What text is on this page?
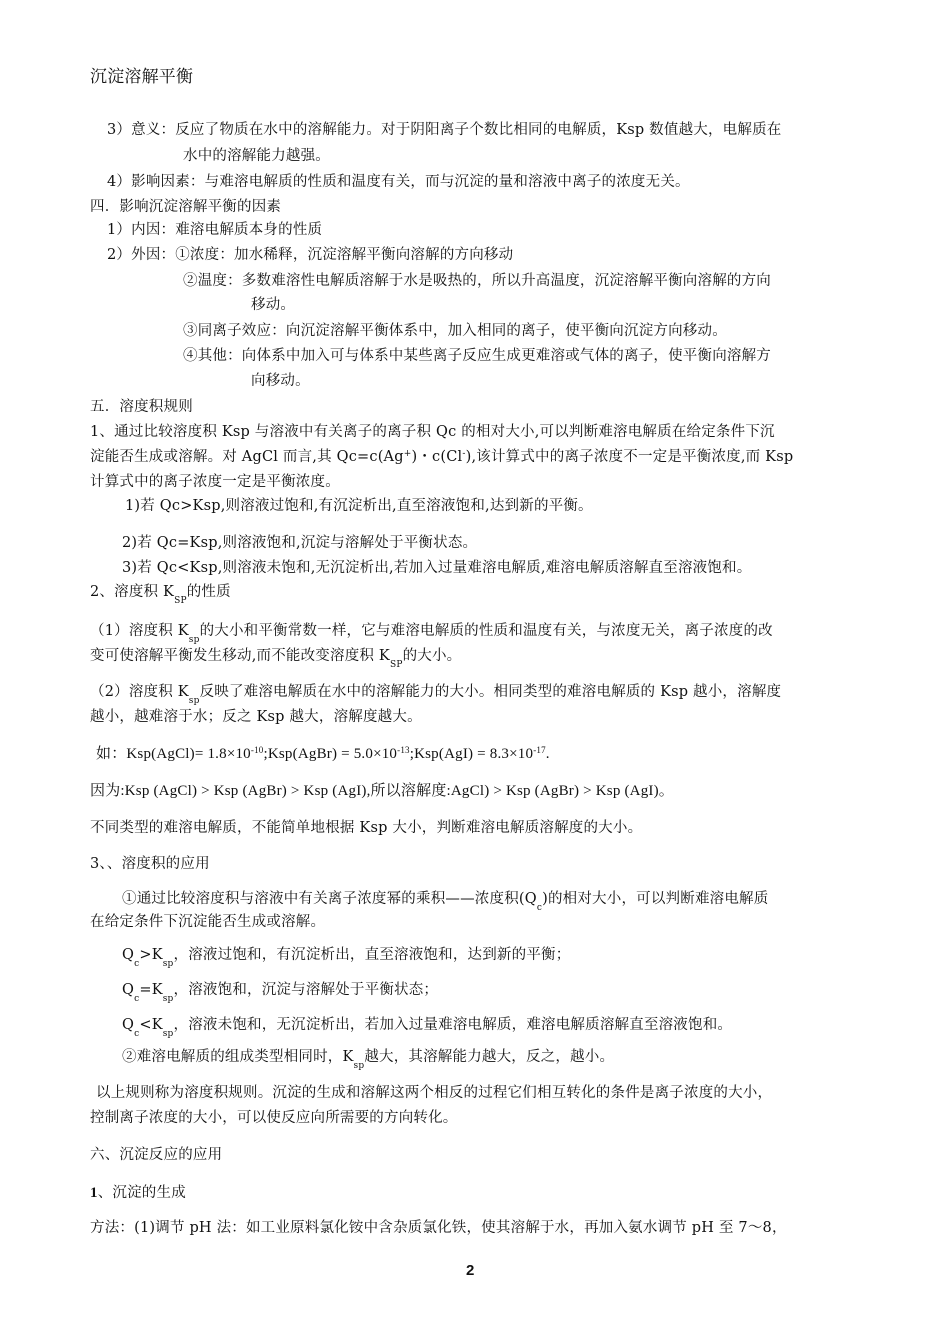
沉淀溶解平衡
3）意义：反应了物质在水中的溶解能力。对于阴阳离子个数比相同的电解质，Ksp 数值越大，电解质在
水中的溶解能力越强。
4）影响因素：与难溶电解质的性质和温度有关，而与沉淀的量和溶液中离子的浓度无关。
四．影响沉淀溶解平衡的因素
1）内因：难溶电解质本身的性质
2）外因：①浓度：加水稀释，沉淀溶解平衡向溶解的方向移动
②温度：多数难溶性电解质溶解于水是吸热的，所以升高温度，沉淀溶解平衡向溶解的方向
移动。
③同离子效应：向沉淀溶解平衡体系中，加入相同的离子，使平衡向沉淀方向移动。
④其他：向体系中加入可与体系中某些离子反应生成更难溶或气体的离子，使平衡向溶解方
向移动。
五．溶度积规则
1、通过比较溶度积 Ksp 与溶液中有关离子的离子积 Qc 的相对大小,可以判断难溶电解质在给定条件下沉
淀能否生成或溶解。对 AgCl 而言,其 Qc=c(Ag+)・c(Cl-),该计算式中的离子浓度不一定是平衡浓度,而 Ksp
计算式中的离子浓度一定是平衡浓度。
1)若 Qc>Ksp,则溶液过饱和,有沉淀析出,直至溶液饱和,达到新的平衡。
2)若 Qc=Ksp,则溶液饱和,沉淀与溶解处于平衡状态。
3)若 Qc<Ksp,则溶液未饱和,无沉淀析出,若加入过量难溶电解质,难溶电解质溶解直至溶液饱和。
2、溶度积 $K_{SP}$的性质
（1）溶度积 $K_{sp}$的大小和平衡常数一样，它与难溶电解质的性质和温度有关，与浓度无关，离子浓度的改
变可使溶解平衡发生移动,而不能改变溶度积 $K_{SP}$的大小。
（2）溶度积 $K_{sp}$反映了难溶电解质在水中的溶解能力的大小。相同类型的难溶电解质的 Ksp 越小，溶解度
越小，越难溶于水；反之 Ksp 越大，溶解度越大。
如：Ksp(AgCl)= $1.8\times 10^{-10};Ksp(AgBr)$ = $5.0\times 10^{-13};Ksp(AgI) = 8.3\times 10^{-17}$.
因为:Ksp (AgCl) > Ksp (AgBr) > Ksp (AgI),所以溶解度:AgCl) > Ksp (AgBr) > Ksp (AgI)。
不同类型的难溶电解质，不能简单地根据 Ksp 大小，判断难溶电解质溶解度的大小。
3、、溶度积的应用
①通过比较溶度积与溶液中有关离子浓度幂的乘积——浓度积$(Q_c)$的相对大小，可以判断难溶电解质
在给定条件下沉淀能否生成或溶解。
$Q_c>K_{sp}$，溶液过饱和，有沉淀析出，直至溶液饱和，达到新的平衡；
$Q_c=K_{sp}$，溶液饱和，沉淀与溶解处于平衡状态；
$Q_c<K_{sp}$，溶液未饱和，无沉淀析出，若加入过量难溶电解质，难溶电解质溶解直至溶液饱和。
②难溶电解质的组成类型相同时，$K_{sp}$越大，其溶解能力越大，反之，越小。
以上规则称为溶度积规则。沉淀的生成和溶解这两个相反的过程它们相互转化的条件是离子浓度的大小，
控制离子浓度的大小，可以使反应向所需要的方向转化。
六、沉淀反应的应用
1、沉淀的生成
方法：(1)调节 pH 法：如工业原料氯化铵中含杂质氯化铁，使其溶解于水，再加入氨水调节 pH 至 7～8，
2
